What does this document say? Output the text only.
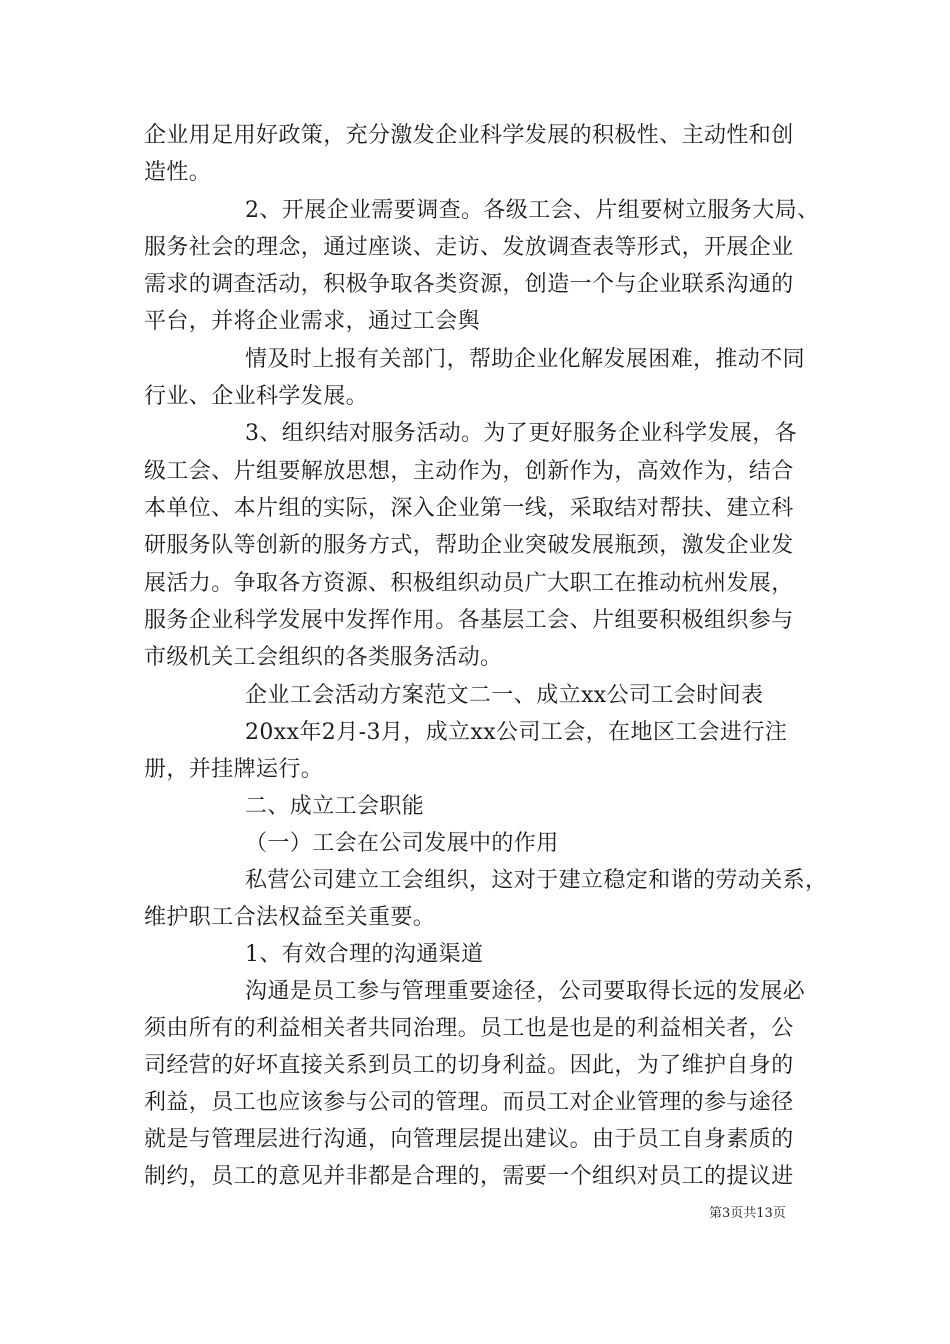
企业用足用好政策，充分激发企业科学发展的积极性、主动性和创
造性。
2、开展企业需要调查。各级工会、片组要树立服务大局、
服务社会的理念，通过座谈、走访、发放调查表等形式，开展企业
需求的调查活动，积极争取各类资源，创造一个与企业联系沟通的
平台，并将企业需求，通过工会舆
情及时上报有关部门，帮助企业化解发展困难，推动不同
行业、企业科学发展。
3、组织结对服务活动。为了更好服务企业科学发展，各
级工会、片组要解放思想，主动作为，创新作为，高效作为，结合
本单位、本片组的实际，深入企业第一线，采取结对帮扶、建立科
研服务队等创新的服务方式，帮助企业突破发展瓶颈，激发企业发
展活力。争取各方资源、积极组织动员广大职工在推动杭州发展，
服务企业科学发展中发挥作用。各基层工会、片组要积极组织参与
市级机关工会组织的各类服务活动。
企业工会活动方案范文二一、成立xx公司工会时间表
20xx年2月-3月，成立xx公司工会，在地区工会进行注
册，并挂牌运行。
二、成立工会职能
（一）工会在公司发展中的作用
私营公司建立工会组织，这对于建立稳定和谐的劳动关系，
维护职工合法权益至关重要。
1、有效合理的沟通渠道
沟通是员工参与管理重要途径，公司要取得长远的发展必
须由所有的利益相关者共同治理。员工也是也是的利益相关者，公
司经营的好坏直接关系到员工的切身利益。因此，为了维护自身的
利益，员工也应该参与公司的管理。而员工对企业管理的参与途径
就是与管理层进行沟通，向管理层提出建议。由于员工自身素质的
制约，员工的意见并非都是合理的，需要一个组织对员工的提议进
第3页共13页
